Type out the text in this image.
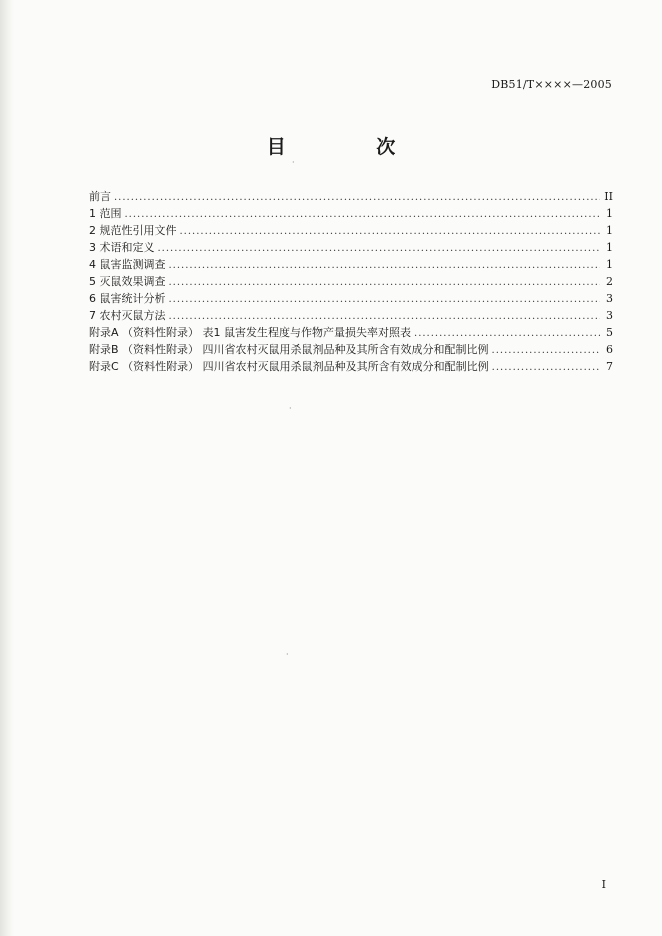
DB51/T××××—2005
目 次
前言 .....	II
1 范围 .....	1
2 规范性引用文件 .....	1
3 术语和定义 .....	1
4 鼠害监测调查 .....	1
5 灭鼠效果调查 .....	2
6 鼠害统计分析 .....	3
7 农村灭鼠方法 .....	3
附录A （资料性附录） 表1 鼠害发生程度与作物产量损失率对照表 .....	5
附录B （资料性附录） 四川省农村灭鼠用杀鼠剂品种及其所含有效成分和配制比例 .....	6
附录C （资料性附录） 四川省农村灭鼠用杀鼠剂品种及其所含有效成分和配制比例 .....	7
·
·
·
I
